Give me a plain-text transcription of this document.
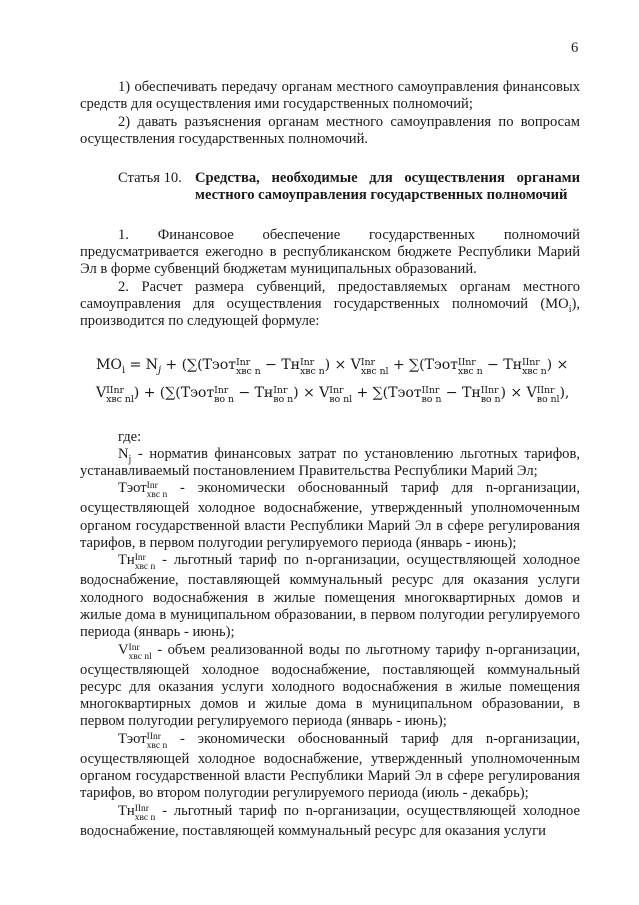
6

1) обеспечивать передачу органам местного самоуправления финансовых средств для осуществления ими государственных полномочий;

2) давать разъяснения органам местного самоуправления по вопросам осуществления государственных полномочий.

Статья 10. Средства, необходимые для осуществления органами местного самоуправления государственных полномочий

1. Финансовое обеспечение государственных полномочий предусматривается ежегодно в республиканском бюджете Республики Марий Эл в форме субвенций бюджетам муниципальных образований.

2. Расчет размера субвенций, предоставляемых органам местного самоуправления для осуществления государственных полномочий $(МО_i)$, производится по следующей формуле:

$МО_i = N_j$ + (∑(Тэот Inr
хвс n − Тн Inr
хвс n ) × V Inr
хвс nl + ∑(Тэот IInr
хвс n − Тн IInr
хвс n ) ×
V IInr
хвс nl ) + (∑(Тэот Inr
во n − Тн Inr
во n ) × V Inr
во nl + ∑(Тэот IInr
во n − Тн IInr
во n ) × V IInr
во nl ),

где:

$N_j$ - норматив финансовых затрат по установлению льготных тарифов, устанавливаемый постановлением Правительства Республики Марий Эл;

Тэот Inr
хвс n - экономически обоснованный тариф для n-организации, осуществляющей холодное водоснабжение, утвержденный уполномоченным органом государственной власти Республики Марий Эл в сфере регулирования тарифов, в первом полугодии регулируемого периода (январь - июнь);

Тн Inr
хвс n - льготный тариф по n-организации, осуществляющей холодное водоснабжение, поставляющей коммунальный ресурс для оказания услуги холодного водоснабжения в жилые помещения многоквартирных домов и жилые дома в муниципальном образовании, в первом полугодии регулируемого периода (январь - июнь);

V Inr
хвс nl - объем реализованной воды по льготному тарифу n-организации, осуществляющей холодное водоснабжение, поставляющей коммунальный ресурс для оказания услуги холодного водоснабжения в жилые помещения многоквартирных домов и жилые дома в муниципальном образовании, в первом полугодии регулируемого периода (январь - июнь);

Тэот IInr
хвс n - экономически обоснованный тариф для n-организации, осуществляющей холодное водоснабжение, утвержденный уполномоченным органом государственной власти Республики Марий Эл в сфере регулирования тарифов, во втором полугодии регулируемого периода (июль - декабрь);

Тн IInr
хвс n - льготный тариф по n-организации, осуществляющей холодное водоснабжение, поставляющей коммунальный ресурс для оказания услуги
